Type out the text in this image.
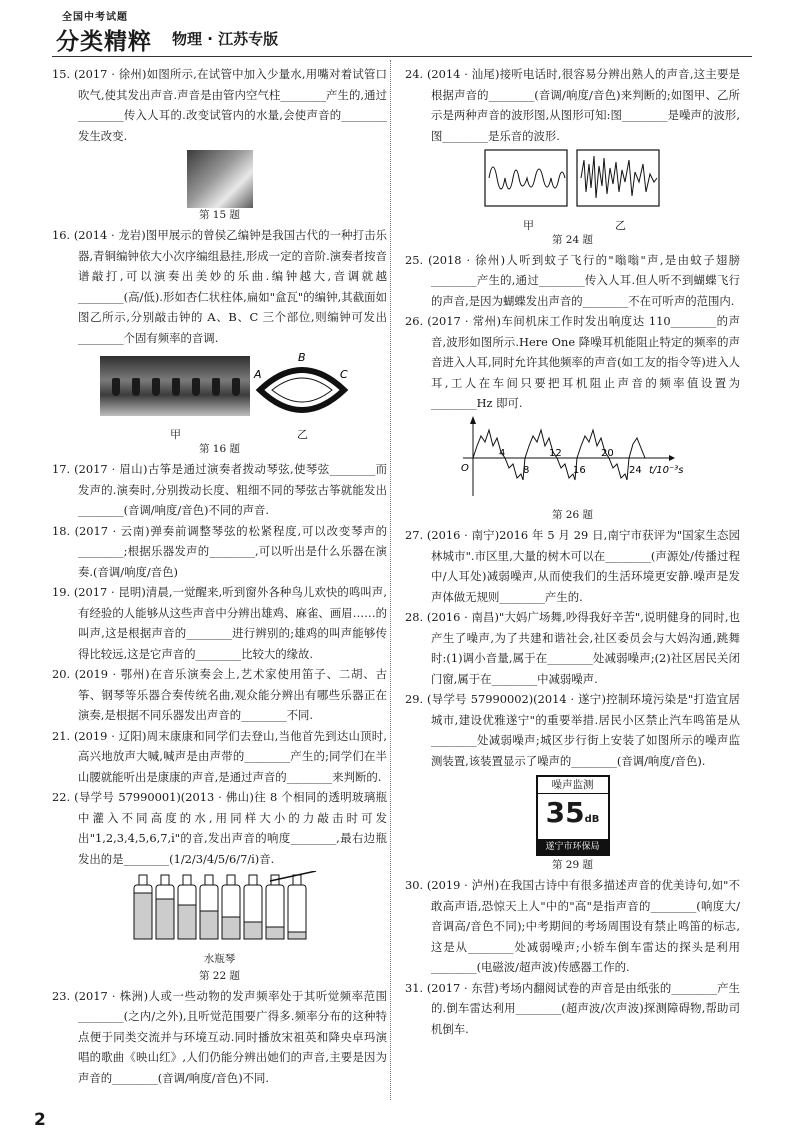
全国中考试题
分类精粹 物理 · 江苏专版

15. (2017 · 徐州)如图所示,在试管中加入少量水,用嘴对着试管口吹气,使其发出声音.声音是由管内空气柱________产生的,通过________传入人耳的.改变试管内的水量,会使声音的________发生改变.

第 15 题

16. (2014 · 龙岩)图甲展示的曾侯乙编钟是我国古代的一种打击乐器,青铜编钟依大小次序编组悬挂,形成一定的音阶.演奏者按音谱敲打,可以演奏出美妙的乐曲.编钟越大,音调就越________(高/低).形如杏仁状柱体,扁如"盒瓦"的编钟,其截面如图乙所示,分别敲击钟的 A、B、C 三个部位,则编钟可发出________个固有频率的音调.

A
B
C
甲	乙
第 16 题

17. (2017 · 眉山)古筝是通过演奏者拨动琴弦,使琴弦________而发声的.演奏时,分别拨动长度、粗细不同的琴弦古筝就能发出________(音调/响度/音色)不同的声音.

18. (2017 · 云南)弹奏前调整琴弦的松紧程度,可以改变琴声的________;根据乐器发声的________,可以听出是什么乐器在演奏.(音调/响度/音色)

19. (2017 · 昆明)清晨,一觉醒来,听到窗外各种鸟儿欢快的鸣叫声,有经验的人能够从这些声音中分辨出雄鸡、麻雀、画眉……的叫声,这是根据声音的________进行辨别的;雄鸡的叫声能够传得比较远,这是它声音的________比较大的缘故.

20. (2019 · 鄂州)在音乐演奏会上,艺术家使用笛子、二胡、古筝、钢琴等乐器合奏传统名曲,观众能分辨出有哪些乐器正在演奏,是根据不同乐器发出声音的________不同.

21. (2019 · 辽阳)周末康康和同学们去登山,当他首先到达山顶时,高兴地放声大喊,喊声是由声带的________产生的;同学们在半山腰就能听出是康康的声音,是通过声音的________来判断的.

22. (导学号 57990001)(2013 · 佛山)往 8 个相同的透明玻璃瓶中灌入不同高度的水,用同样大小的力敲击时可发出"1,2,3,4,5,6,7,i̇"的音,发出声音的响度________,最右边瓶发出的是________(1/2/3/4/5/6/7/i̇)音.

水瓶琴
第 22 题

23. (2017 · 株洲)人或一些动物的发声频率处于其听觉频率范围________(之内/之外),且听觉范围要广得多.频率分布的这种特点便于同类交流并与环境互动.同时播放宋祖英和降央卓玛演唱的歌曲《映山红》,人们仍能分辨出她们的声音,主要是因为声音的________(音调/响度/音色)不同.

24. (2014 · 汕尾)接听电话时,很容易分辨出熟人的声音,这主要是根据声音的________(音调/响度/音色)来判断的;如图甲、乙所示是两种声音的波形图,从图形可知:图________是噪声的波形,图________是乐音的波形.

甲	乙
第 24 题

25. (2018 · 徐州)人听到蚊子飞行的"嗡嗡"声,是由蚊子翅膀________产生的,通过________传入人耳.但人听不到蝴蝶飞行的声音,是因为蝴蝶发出声音的________不在可听声的范围内.

26. (2017 · 常州)车间机床工作时发出响度达 110________的声音,波形如图所示.Here One 降噪耳机能阻止特定的频率的声音进入人耳,同时允许其他频率的声音(如工友的指令等)进入人耳,工人在车间只要把耳机阻止声音的频率值设置为________Hz 即可.

O
4
8
12
16
20
24 t/10⁻³s
第 26 题

27. (2016 · 南宁)2016 年 5 月 29 日,南宁市获评为"国家生态园林城市".市区里,大量的树木可以在________(声源处/传播过程中/人耳处)减弱噪声,从而使我们的生活环境更安静.噪声是发声体做无规则________产生的.

28. (2016 · 南昌)"大妈广场舞,吵得我好辛苦",说明健身的同时,也产生了噪声,为了共建和谐社会,社区委员会与大妈沟通,跳舞时:(1)调小音量,属于在________处减弱噪声;(2)社区居民关闭门窗,属于在________中减弱噪声.

29. (导学号 57990002)(2014 · 遂宁)控制环境污染是"打造宜居城市,建设优雅遂宁"的重要举措.居民小区禁止汽车鸣笛是从________处减弱噪声;城区步行街上安装了如图所示的噪声监测装置,该装置显示了噪声的________(音调/响度/音色).

噪声监测
35dB
遂宁市环保局
第 29 题

30. (2019 · 泸州)在我国古诗中有很多描述声音的优美诗句,如"不敢高声语,恐惊天上人"中的"高"是指声音的________(响度大/音调高/音色不同);中考期间的考场周围设有禁止鸣笛的标志,这是从________处减弱噪声;小轿车倒车雷达的探头是利用________(电磁波/超声波)传感器工作的.

31. (2017 · 东营)考场内翻阅试卷的声音是由纸张的________产生的.倒车雷达利用________(超声波/次声波)探测障碍物,帮助司机倒车.

2
